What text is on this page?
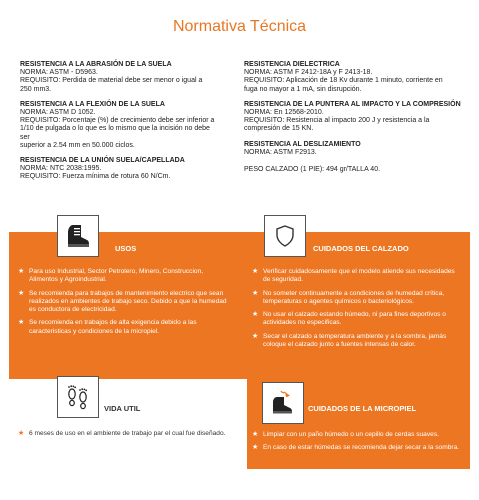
Normativa Técnica
RESISTENCIA A LA ABRASIÓN DE LA SUELA
NORMA: ASTM - D5963.
REQUISITO: Perdida de material debe ser menor o igual a
250 mm3.
RESISTENCIA A LA FLEXIÓN DE LA SUELA
NORMA: ASTM D 1052.
REQUISITO: Porcentaje (%) de crecimiento debe ser inferior a
1/10 de pulgada o lo que es lo mismo que la incisión no debe ser
superior a 2.54 mm en 50.000 ciclos.
RESISTENCIA DE LA UNIÓN SUELA/CAPELLADA
NORMA: NTC 2038:1995.
REQUISITO: Fuerza mínima de rotura 60 N/Cm.
RESISTENCIA DIELECTRICA
NORMA: ASTM F 2412-18A y F 2413-18.
REQUISITO: Aplicación de 18 Kv durante 1 minuto, corriente en
fuga no mayor a 1 mA, sin disrupción.
RESISTENCIA DE LA PUNTERA AL IMPACTO Y LA COMPRESIÓN
NORMA: En 12568-2010.
REQUISITO: Resistencia al impacto 200 J y resistencia a la
compresión de 15 KN.
RESISTENCIA AL DESLIZAMIENTO
NORMA: ASTM F2913.
PESO CALZADO (1 PIE): 494 gr/TALLA 40.
USOS
★ Para uso Industrial, Sector Petrolero, Minero, Construccion, Alimentos y Agroindustrial.
★ Se recomienda para trabajos de mantenimiento electrico que sean realizados en ambientes de trabajo seco. Debido a que la humedad es conductora de electricidad.
★ Se recomienda en trabajos de alta exigencia debido a las caracteristicas y condiciones de la micropiel.
CUIDADOS DEL CALZADO
★ Verificar cuidadosamente que el modelo atiende sus necesidades de seguridad.
★ No someter continuamente a condiciones de humedad crítica, temperaturas o agentes químicos o bacteriológicos.
★ No usar el calzado estando húmedo, ni para fines deportivos o actividades no especificas.
★ Secar el calzado a temperatura ambiente y a la sombra, jamás coloque el calzado junto a fuentes intensas de calor.
VIDA UTIL
★ 6 meses de uso en el ambiente de trabajo par el cual fue diseñado.
CUIDADOS DE LA MICROPIEL
★ Limpiar con un paño húmedo o un cepillo de cerdas suaves.
★ En caso de estar húmedas se recomienda dejar secar a la sombra.
